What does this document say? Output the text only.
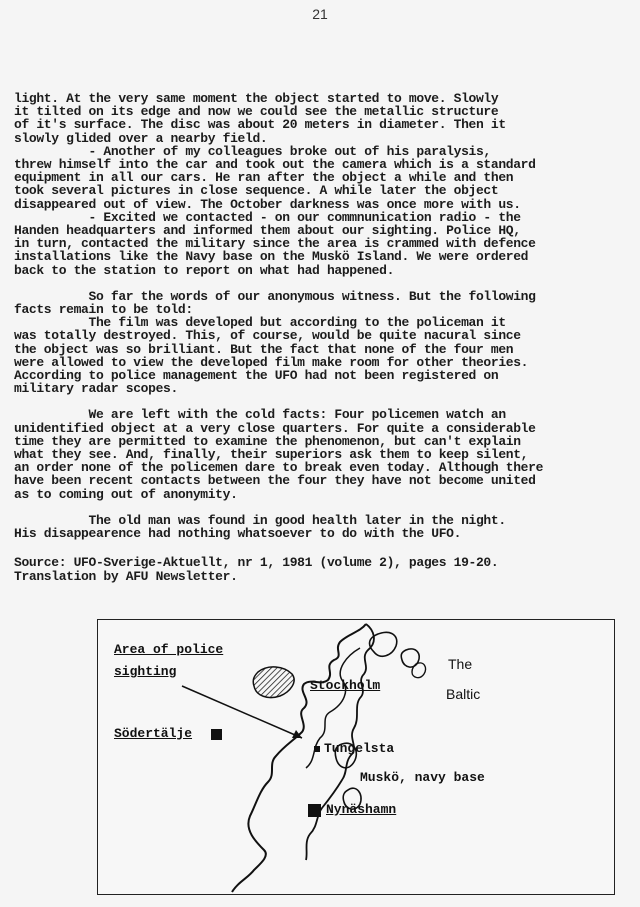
21
light. At the very same moment the object started to move. Slowly
it tilted on its edge and now we could see the metallic structure
of it's surface. The disc was about 20 meters in diameter. Then it
slowly glided over a nearby field.
- Another of my colleagues broke out of his paralysis,
threw himself into the car and took out the camera which is a standard
equipment in all our cars. He ran after the object a while and then
took several pictures in close sequence. A while later the object
disappeared out of view. The October darkness was once more with us.
- Excited we contacted - on our commnunication radio - the
Handen headquarters and informed them about our sighting. Police HQ,
in turn, contacted the military since the area is crammed with defence
installations like the Navy base on the Muskö Island. We were ordered
back to the station to report on what had happened.
So far the words of our anonymous witness. But the following
facts remain to be told:
The film was developed but according to the policeman it
was totally destroyed. This, of course, would be quite nacural since
the object was so brilliant. But the fact that none of the four men
were allowed to view the developed film make room for other theories.
According to police management the UFO had not been registered on
military radar scopes.
We are left with the cold facts: Four policemen watch an
unidentified object at a very close quarters. For quite a considerable
time they are permitted to examine the phenomenon, but can't explain
what they see. And, finally, their superiors ask them to keep silent,
an order none of the policemen dare to break even today. Although there
have been recent contacts between the four they have not become united
as to coming out of anonymity.
The old man was found in good health later in the night.
His disappearence had nothing whatsoever to do with the UFO.
Source: UFO-Sverige-Aktuellt, nr 1, 1981 (volume 2), pages 19-20.
Translation by AFU Newsletter.
Area of police
sighting
Stockholm
The
Baltic
Södertälje
Tungelsta
Muskö, navy base
Nynäshamn
